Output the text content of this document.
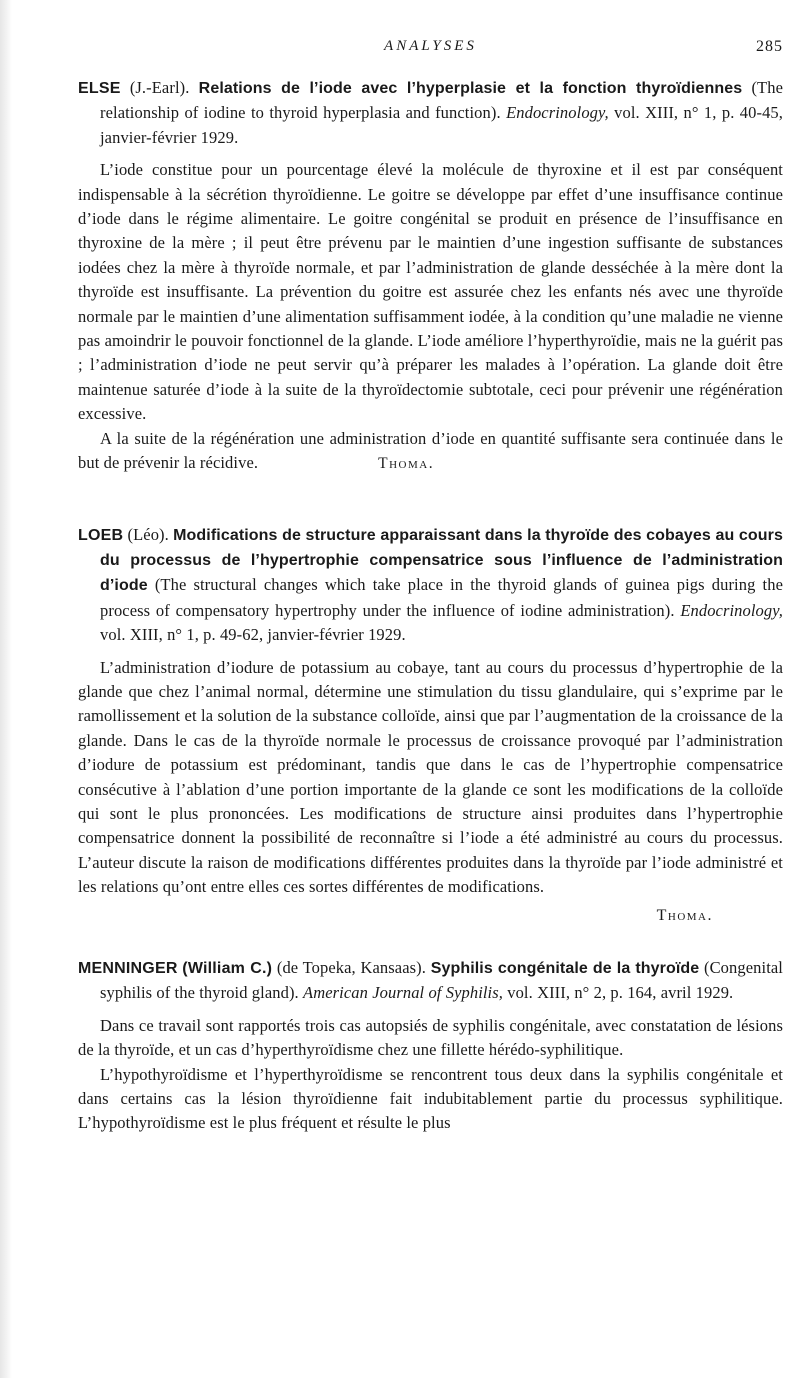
ANALYSES	285

ELSE (J.-Earl). Relations de l’iode avec l’hyperplasie et la fonction thyroïdiennes (The relationship of iodine to thyroid hyperplasia and function). Endocrinology, vol. XIII, n° 1, p. 40-45, janvier-février 1929.

L’iode constitue pour un pourcentage élevé la molécule de thyroxine et il est par conséquent indispensable à la sécrétion thyroïdienne. Le goitre se développe par effet d’une insuffisance continue d’iode dans le régime alimentaire. Le goitre congénital se produit en présence de l’insuffisance en thyroxine de la mère ; il peut être prévenu par le maintien d’une ingestion suffisante de substances iodées chez la mère à thyroïde normale, et par l’administration de glande desséchée à la mère dont la thyroïde est insuffisante. La prévention du goitre est assurée chez les enfants nés avec une thyroïde normale par le maintien d’une alimentation suffisamment iodée, à la condition qu’une maladie ne vienne pas amoindrir le pouvoir fonctionnel de la glande. L’iode améliore l’hyperthyroïdie, mais ne la guérit pas ; l’administration d’iode ne peut servir qu’à préparer les malades à l’opération. La glande doit être maintenue saturée d’iode à la suite de la thyroïdectomie subtotale, ceci pour prévenir une régénération excessive.

A la suite de la régénération une administration d’iode en quantité suffisante sera continuée dans le but de prévenir la récidive.	Thoma.

LOEB (Léo). Modifications de structure apparaissant dans la thyroïde des cobayes au cours du processus de l’hypertrophie compensatrice sous l’influence de l’administration d’iode (The structural changes which take place in the thyroid glands of guinea pigs during the process of compensatory hypertrophy under the influence of iodine administration). Endocrinology, vol. XIII, n° 1, p. 49-62, janvier-février 1929.

L’administration d’iodure de potassium au cobaye, tant au cours du processus d’hypertrophie de la glande que chez l’animal normal, détermine une stimulation du tissu glandulaire, qui s’exprime par le ramollissement et la solution de la substance colloïde, ainsi que par l’augmentation de la croissance de la glande. Dans le cas de la thyroïde normale le processus de croissance provoqué par l’administration d’iodure de potassium est prédominant, tandis que dans le cas de l’hypertrophie compensatrice consécutive à l’ablation d’une portion importante de la glande ce sont les modifications de la colloïde qui sont le plus prononcées. Les modifications de structure ainsi produites dans l’hypertrophie compensatrice donnent la possibilité de reconnaître si l’iode a été administré au cours du processus. L’auteur discute la raison de modifications différentes produites dans la thyroïde par l’iode administré et les relations qu’ont entre elles ces sortes différentes de modifications.

Thoma.

MENNINGER (William C.) (de Topeka, Kansaas). Syphilis congénitale de la thyroïde (Congenital syphilis of the thyroid gland). American Journal of Syphilis, vol. XIII, n° 2, p. 164, avril 1929.

Dans ce travail sont rapportés trois cas autopsiés de syphilis congénitale, avec constatation de lésions de la thyroïde, et un cas d’hyperthyroïdisme chez une fillette hérédo-syphilitique.

L’hypothyroïdisme et l’hyperthyroïdisme se rencontrent tous deux dans la syphilis congénitale et dans certains cas la lésion thyroïdienne fait indubitablement partie du processus syphilitique. L’hypothyroïdisme est le plus fréquent et résulte le plus
